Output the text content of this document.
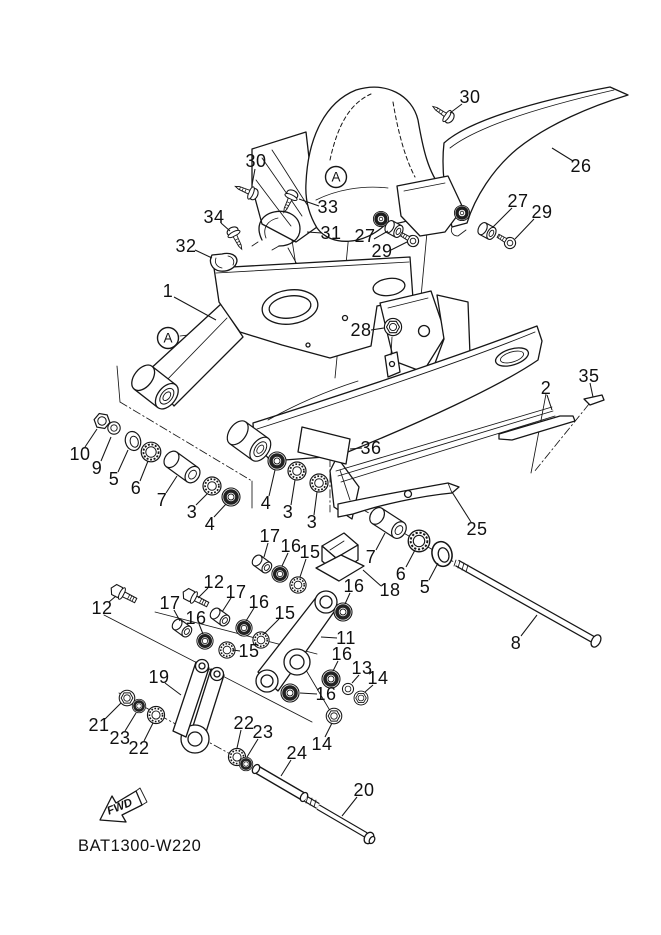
FWD
BAT1300-W220
A
A
30
26
30
33
34
31
32	27
29
27
29
1
28
2
35
36
10
9
5 6
7
3
4
4 3 3	25
17 16
15	7
6
5
18
16
11
16
13
14
16
14
12
12 17 16
15
17
16
15
19
21
23
22
22
23
24
20
8
